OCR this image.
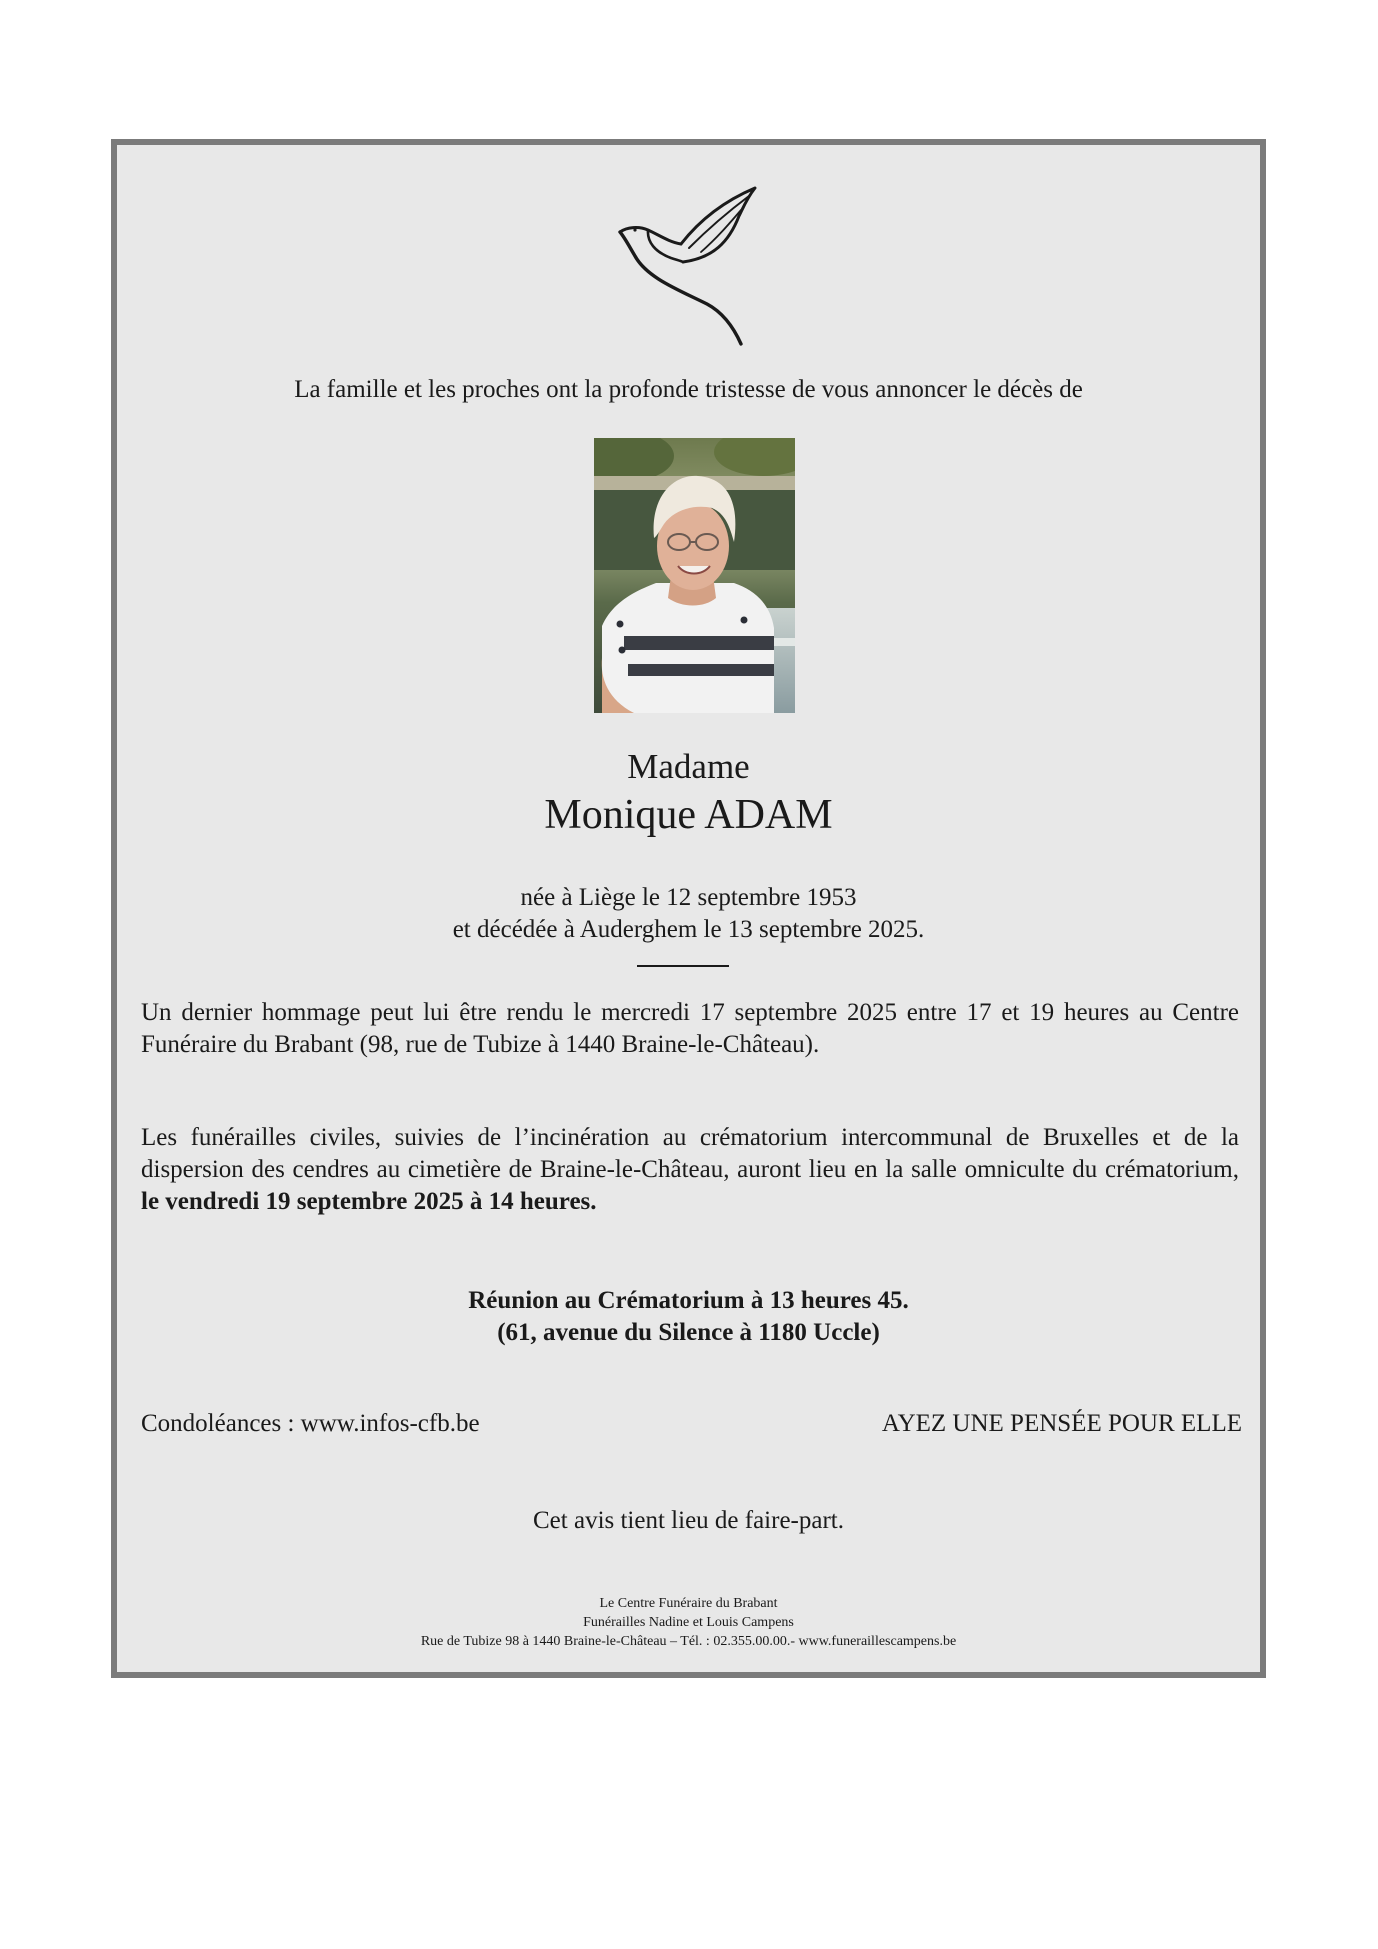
La famille et les proches ont la profonde tristesse de vous annoncer le décès de
Madame
Monique ADAM
née à Liège le 12 septembre 1953
et décédée à Auderghem le 13 septembre 2025.
Un dernier hommage peut lui être rendu le mercredi 17 septembre 2025 entre 17 et 19 heures au Centre Funéraire du Brabant (98, rue de Tubize à 1440 Braine-le-Château).
Les funérailles civiles, suivies de l’incinération au crématorium intercommunal de Bruxelles et de la dispersion des cendres au cimetière de Braine-le-Château, auront lieu en la salle omniculte du crématorium, le vendredi 19 septembre 2025 à 14 heures.
Réunion au Crématorium à 13 heures 45.
(61, avenue du Silence à 1180 Uccle)
Condoléances : www.infos-cfb.be	AYEZ UNE PENSÉE POUR ELLE
Cet avis tient lieu de faire-part.
Le Centre Funéraire du Brabant
Funérailles Nadine et Louis Campens
Rue de Tubize 98 à 1440 Braine-le-Château – Tél. : 02.355.00.00.- www.funeraillescampens.be
